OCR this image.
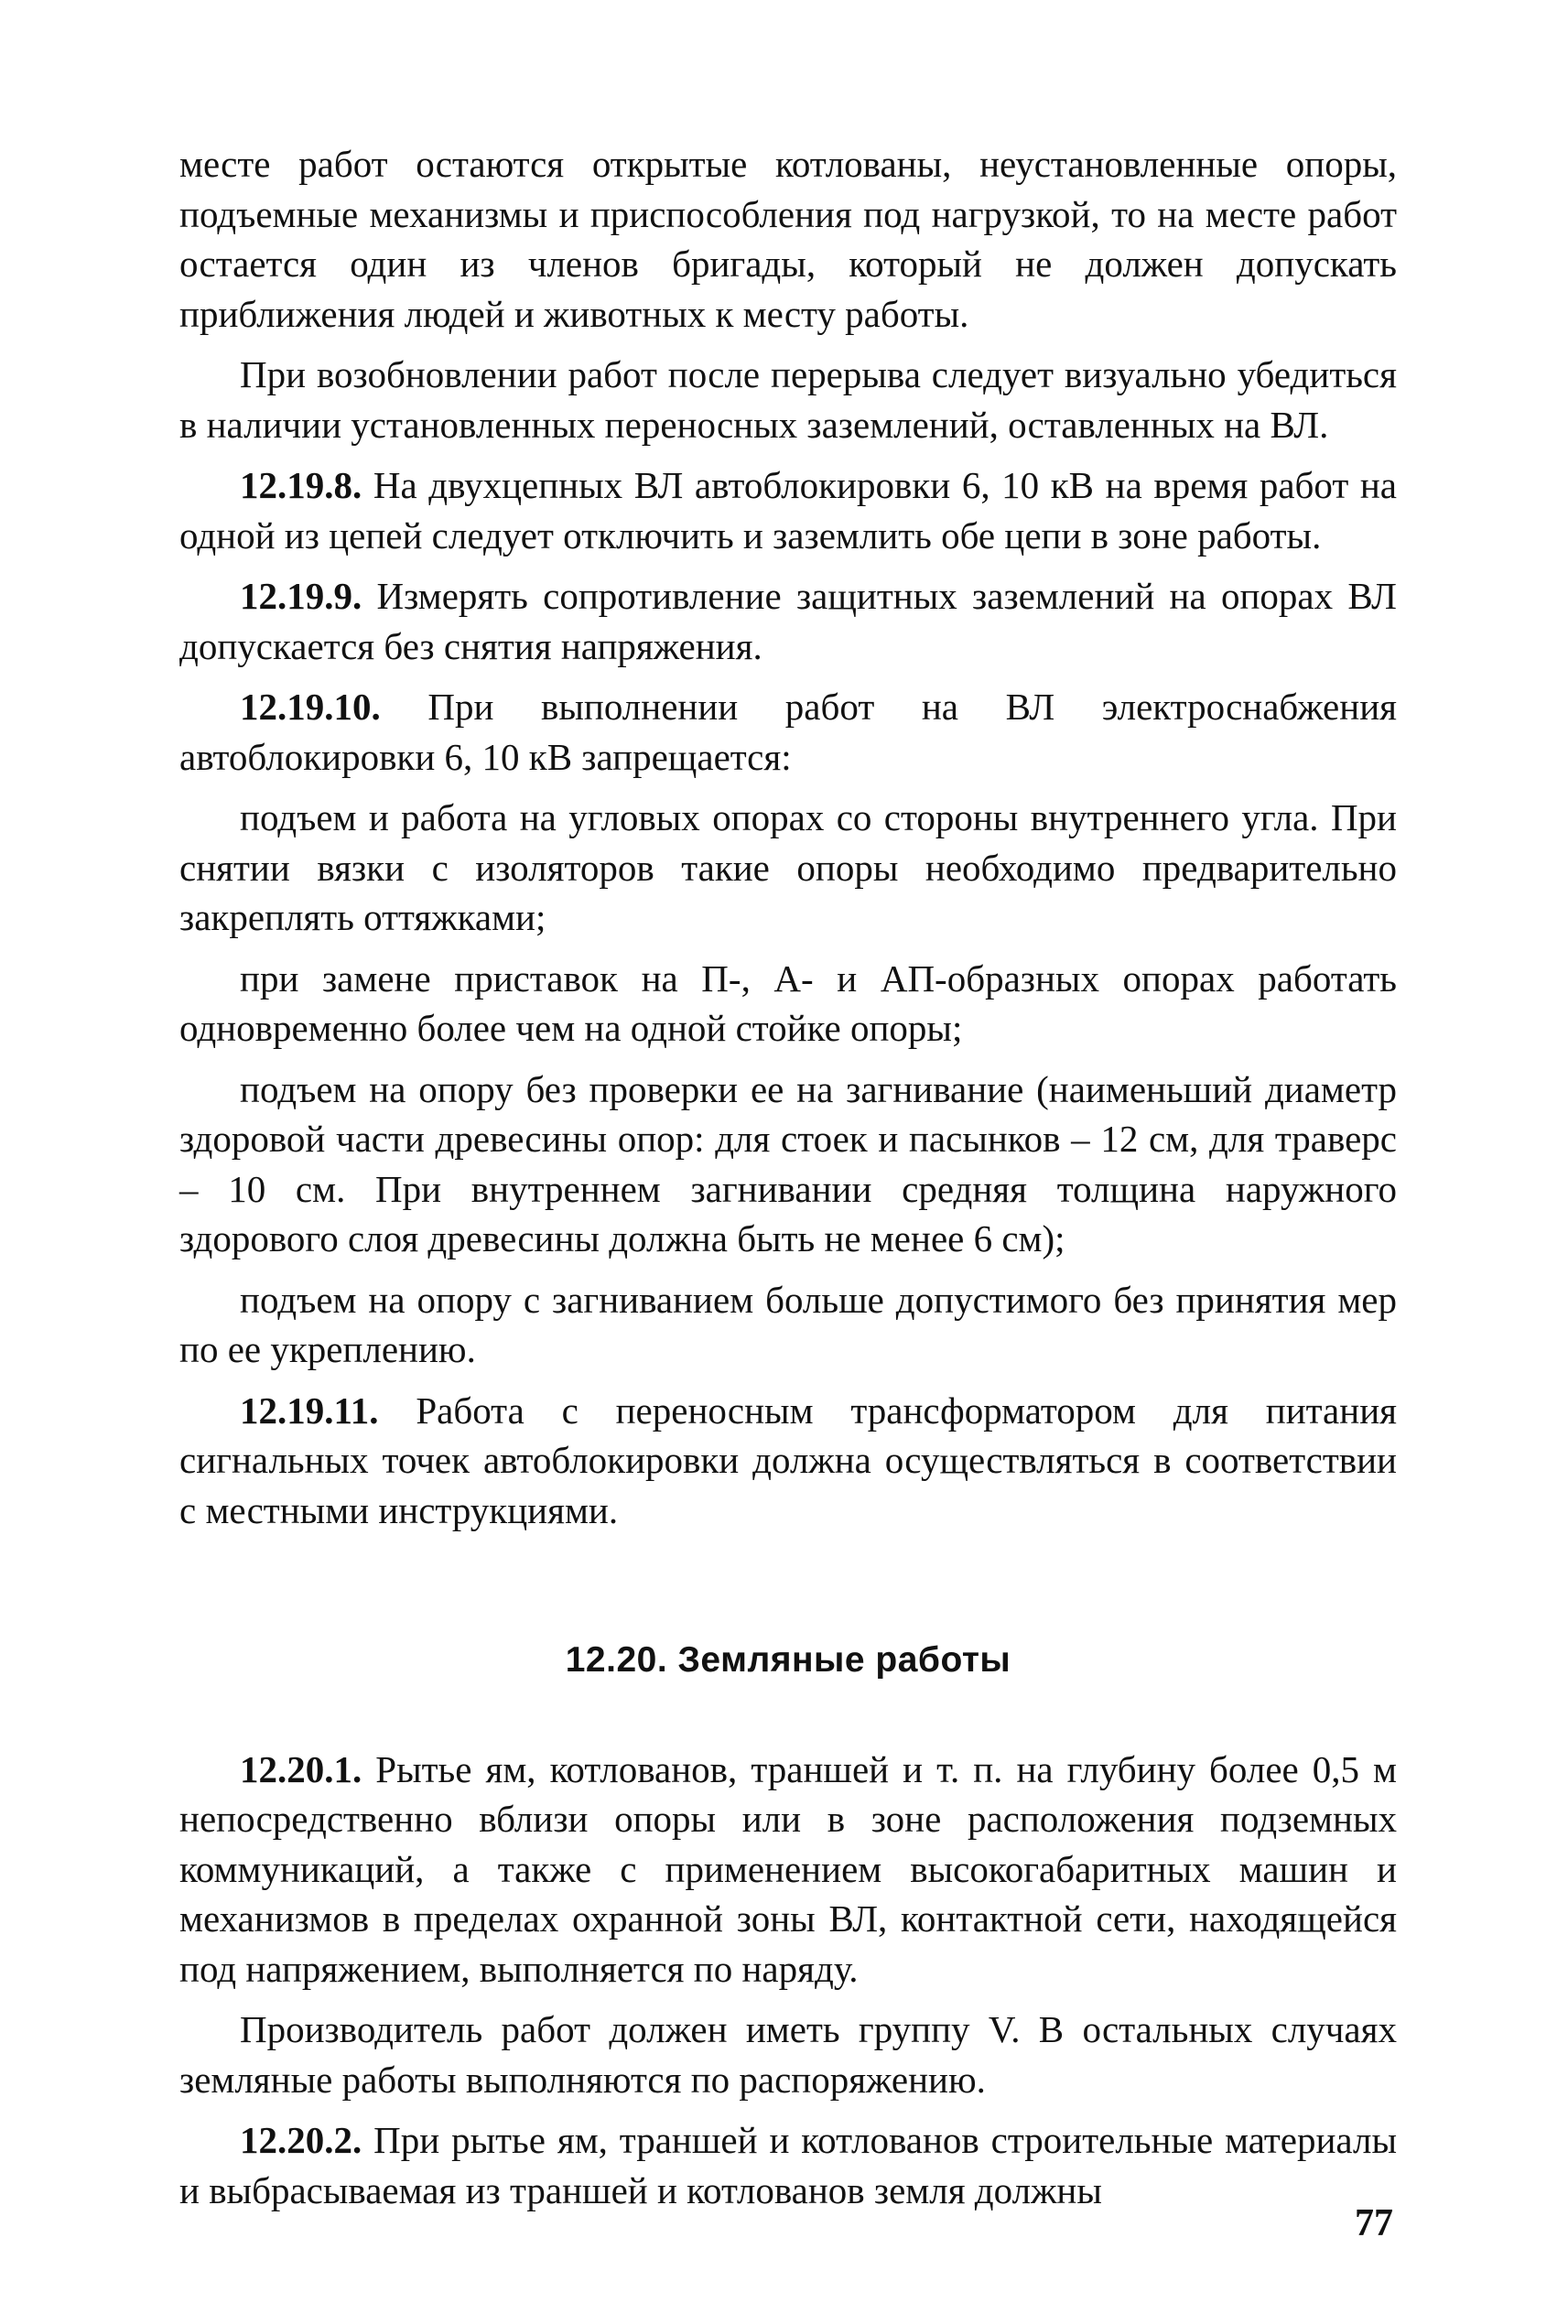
месте работ остаются открытые котлованы, неустановленные опоры, подъемные механизмы и приспособления под нагрузкой, то на месте работ остается один из членов бригады, который не должен допускать приближения людей и животных к месту работы.

При возобновлении работ после перерыва следует визуально убедиться в наличии установленных переносных заземлений, оставленных на ВЛ.

12.19.8. На двухцепных ВЛ автоблокировки 6, 10 кВ на время работ на одной из цепей следует отключить и заземлить обе цепи в зоне работы.

12.19.9. Измерять сопротивление защитных заземлений на опорах ВЛ допускается без снятия напряжения.

12.19.10. При выполнении работ на ВЛ электроснабжения автоблокировки 6, 10 кВ запрещается:

подъем и работа на угловых опорах со стороны внутреннего угла. При снятии вязки с изоляторов такие опоры необходимо предварительно закреплять оттяжками;

при замене приставок на П-, А- и АП-образных опорах работать одновременно более чем на одной стойке опоры;

подъем на опору без проверки ее на загнивание (наименьший диаметр здоровой части древесины опор: для стоек и пасынков – 12 см, для траверс – 10 см. При внутреннем загнивании средняя толщина наружного здорового слоя древесины должна быть не менее 6 см);

подъем на опору с загниванием больше допустимого без принятия мер по ее укреплению.

12.19.11. Работа с переносным трансформатором для питания сигнальных точек автоблокировки должна осуществляться в соответствии с местными инструкциями.

12.20. Земляные работы

12.20.1. Рытье ям, котлованов, траншей и т. п. на глубину более 0,5 м непосредственно вблизи опоры или в зоне расположения подземных коммуникаций, а также с применением высокогабаритных машин и механизмов в пределах охранной зоны ВЛ, контактной сети, находящейся под напряжением, выполняется по наряду.

Производитель работ должен иметь группу V. В остальных случаях земляные работы выполняются по распоряжению.

12.20.2. При рытье ям, траншей и котлованов строительные материалы и выбрасываемая из траншей и котлованов земля должны

77
